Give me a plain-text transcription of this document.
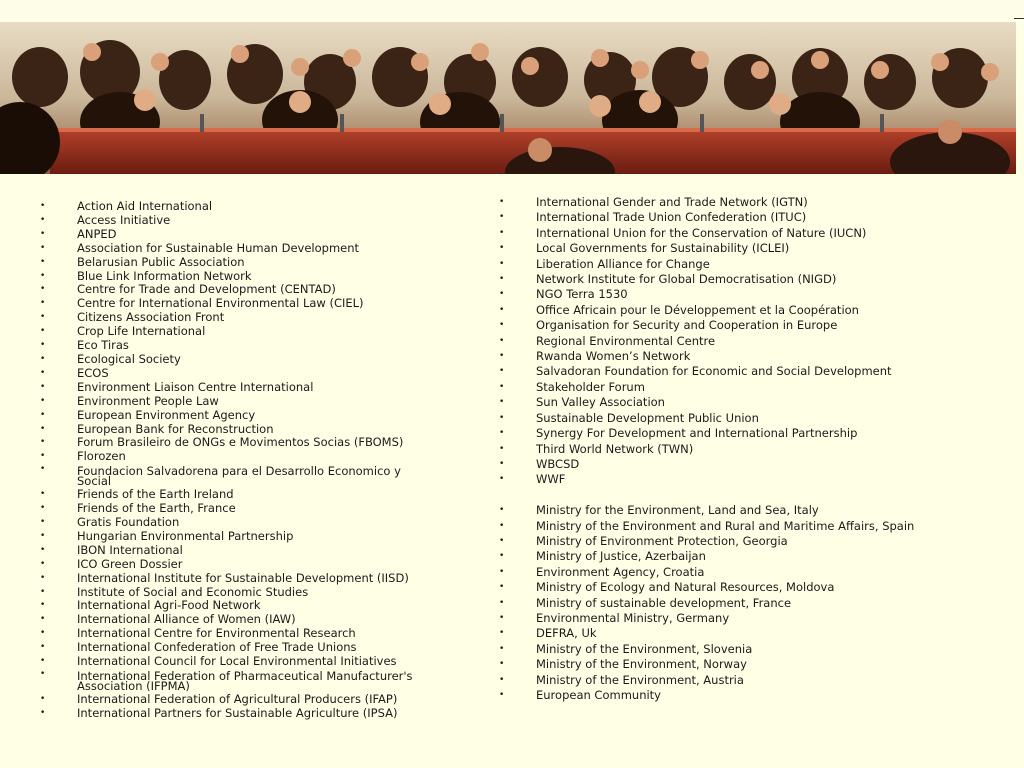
• Action Aid International
• Access Initiative
• ANPED
• Association for Sustainable Human Development
• Belarusian Public Association
• Blue Link Information Network
• Centre for Trade and Development (CENTAD)
• Centre for International Environmental Law (CIEL)
• Citizens Association Front
• Crop Life International
• Eco Tiras
• Ecological Society
• ECOS
• Environment Liaison Centre International
• Environment People Law
• European Environment Agency
• European Bank for Reconstruction
• Forum Brasileiro de ONGs e Movimentos Socias (FBOMS)
• Florozen
• Foundacion Salvadorena para el Desarrollo Economico y Social
• Friends of the Earth Ireland
• Friends of the Earth, France
• Gratis Foundation
• Hungarian Environmental Partnership
• IBON International
• ICO Green Dossier
• International Institute for Sustainable Development (IISD)
• Institute of Social and Economic Studies
• International Agri-Food Network
• International Alliance of Women (IAW)
• International Centre for Environmental Research
• International Confederation of Free Trade Unions
• International Council for Local Environmental Initiatives
• International Federation of Pharmaceutical Manufacturer's Association (IFPMA)
• International Federation of Agricultural Producers (IFAP)
• International Partners for Sustainable Agriculture (IPSA)
• International Gender and Trade Network (IGTN)
• International Trade Union Confederation (ITUC)
• International Union for the Conservation of Nature (IUCN)
• Local Governments for Sustainability (ICLEI)
• Liberation Alliance for Change
• Network Institute for Global Democratisation (NIGD)
• NGO Terra 1530
• Office Africain pour le Développement et la Coopération
• Organisation for Security and Cooperation in Europe
• Regional Environmental Centre
• Rwanda Women’s Network
• Salvadoran Foundation for Economic and Social Development
• Stakeholder Forum
• Sun Valley Association
• Sustainable Development Public Union
• Synergy For Development and International Partnership
• Third World Network (TWN)
• WBCSD
• WWF
• Ministry for the Environment, Land and Sea, Italy
• Ministry of the Environment and Rural and Maritime Affairs, Spain
• Ministry of Environment Protection, Georgia
• Ministry of Justice, Azerbaijan
• Environment Agency, Croatia
• Ministry of Ecology and Natural Resources, Moldova
• Ministry of sustainable development, France
• Environmental Ministry, Germany
• DEFRA, Uk
• Ministry of the Environment, Slovenia
• Ministry of the Environment, Norway
• Ministry of the Environment, Austria
• European Community
